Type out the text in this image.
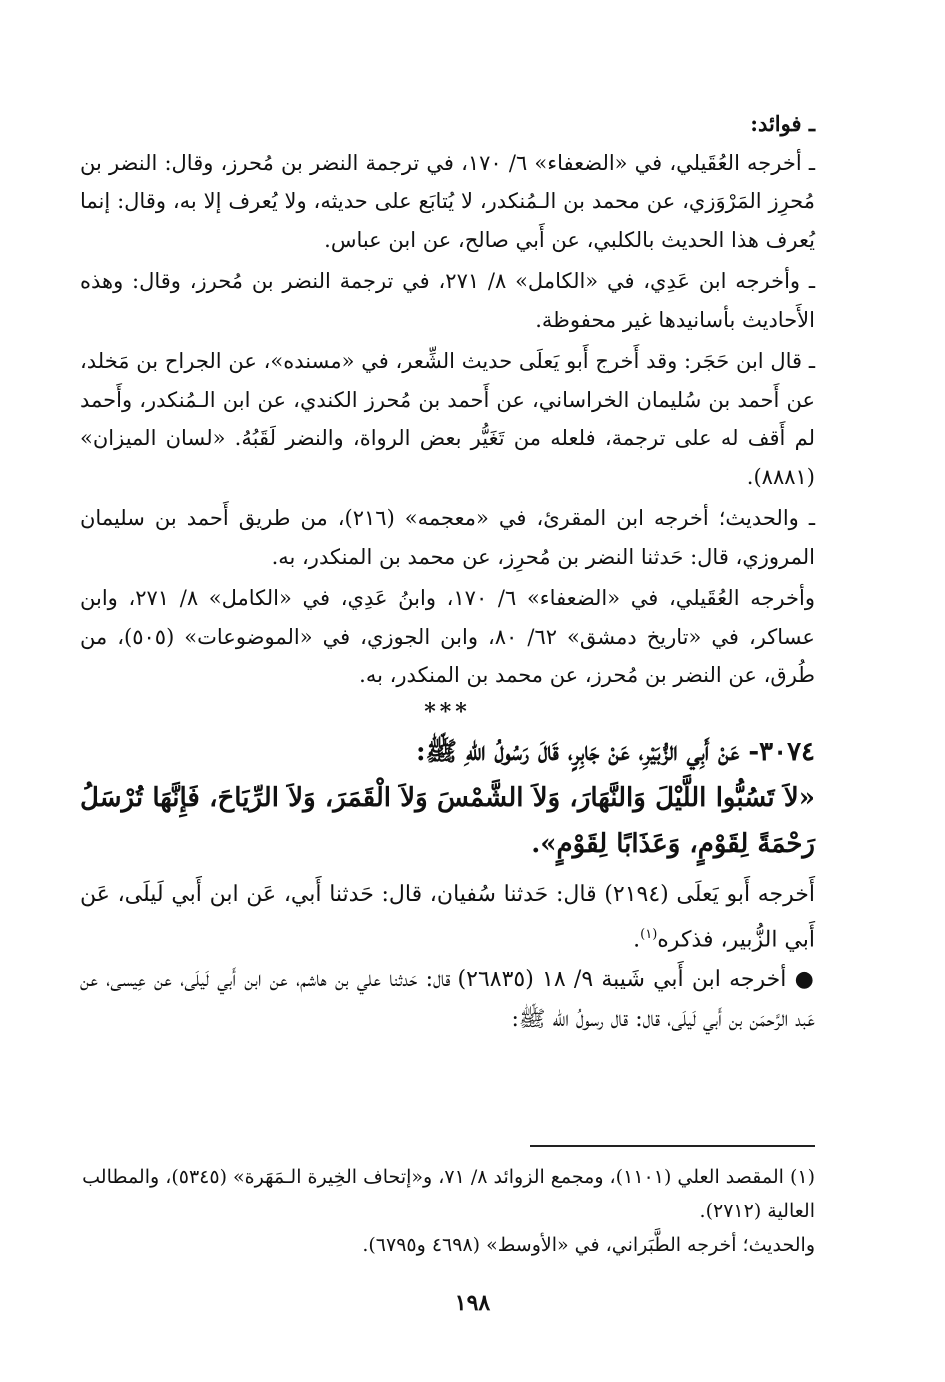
ـ فوائد:

ـ أخرجه العُقَيلي، في «الضعفاء» ٦/ ١٧٠، في ترجمة النضر بن مُحرز، وقال: النضر بن مُحرِز المَرْوَزي، عن محمد بن الـمُنكدر، لا يُتابَع على حديثه، ولا يُعرف إلا به، وقال: إنما يُعرف هذا الحديث بالكلبي، عن أَبي صالح، عن ابن عباس.

ـ وأخرجه ابن عَدِي، في «الكامل» ٨/ ٢٧١، في ترجمة النضر بن مُحرز، وقال: وهذه الأَحاديث بأسانيدها غير محفوظة.

ـ قال ابن حَجَر: وقد أَخرج أَبو يَعلَى حديث الشِّعر، في «مسنده»، عن الجراح بن مَخلد، عن أَحمد بن سُليمان الخراساني، عن أَحمد بن مُحرز الكندي، عن ابن الـمُنكدر، وأَحمد لم أَقف له على ترجمة، فلعله من تَغَيُّر بعض الرواة، والنضر لَقَبُهُ. «لسان الميزان» (٨٨٨١).

ـ والحديث؛ أخرجه ابن المقرئ، في «معجمه» (٢١٦)، من طريق أَحمد بن سليمان المروزي، قال: حَدثنا النضر بن مُحرِز، عن محمد بن المنكدر، به.

وأخرجه العُقَيلي، في «الضعفاء» ٦/ ١٧٠، وابنُ عَدِي، في «الكامل» ٨/ ٢٧١، وابن عساكر، في «تاريخ دمشق» ٦٢/ ٨٠، وابن الجوزي، في «الموضوعات» (٥٠٥)، من طُرق، عن النضر بن مُحرز، عن محمد بن المنكدر، به.

***

٣٠٧٤- عَنْ أَبِي الزُّبَيْرِ، عَنْ جَابِرٍ، قَالَ رَسُولُ اللهِ ﷺ:

«لاَ تَسُبُّوا اللَّيْلَ وَالنَّهَارَ، وَلاَ الشَّمْسَ وَلاَ الْقَمَرَ، وَلاَ الرِّيَاحَ، فَإِنَّهَا تُرْسَلُ رَحْمَةً لِقَوْمٍ، وَعَذَابًا لِقَوْمٍ».

أَخرجه أَبو يَعلَى (٢١٩٤) قال: حَدثنا سُفيان، قال: حَدثنا أَبي، عَن ابن أَبي لَيلَى، عَن أَبي الزُّبير، فذكره$^{(١)}$.

● أخرجه ابن أَبي شَيبة ٩/ ١٨ (٢٦٨٣٥) قال: حَدثنا علي بن هاشم، عن ابن أَبي لَيلَى، عن عِيسى، عن عَبد الرَّحمَن بن أَبي لَيلَى، قال: قال رسولُ الله ﷺ:

(١) المقصد العلي (١١٠١)، ومجمع الزوائد ٨/ ٧١، و«إتحاف الخِيرة الـمَهَرة» (٥٣٤٥)، والمطالب العالية (٢٧١٢).

والحديث؛ أخرجه الطَّبَراني، في «الأوسط» (٤٦٩٨ و٦٧٩٥).

١٩٨
